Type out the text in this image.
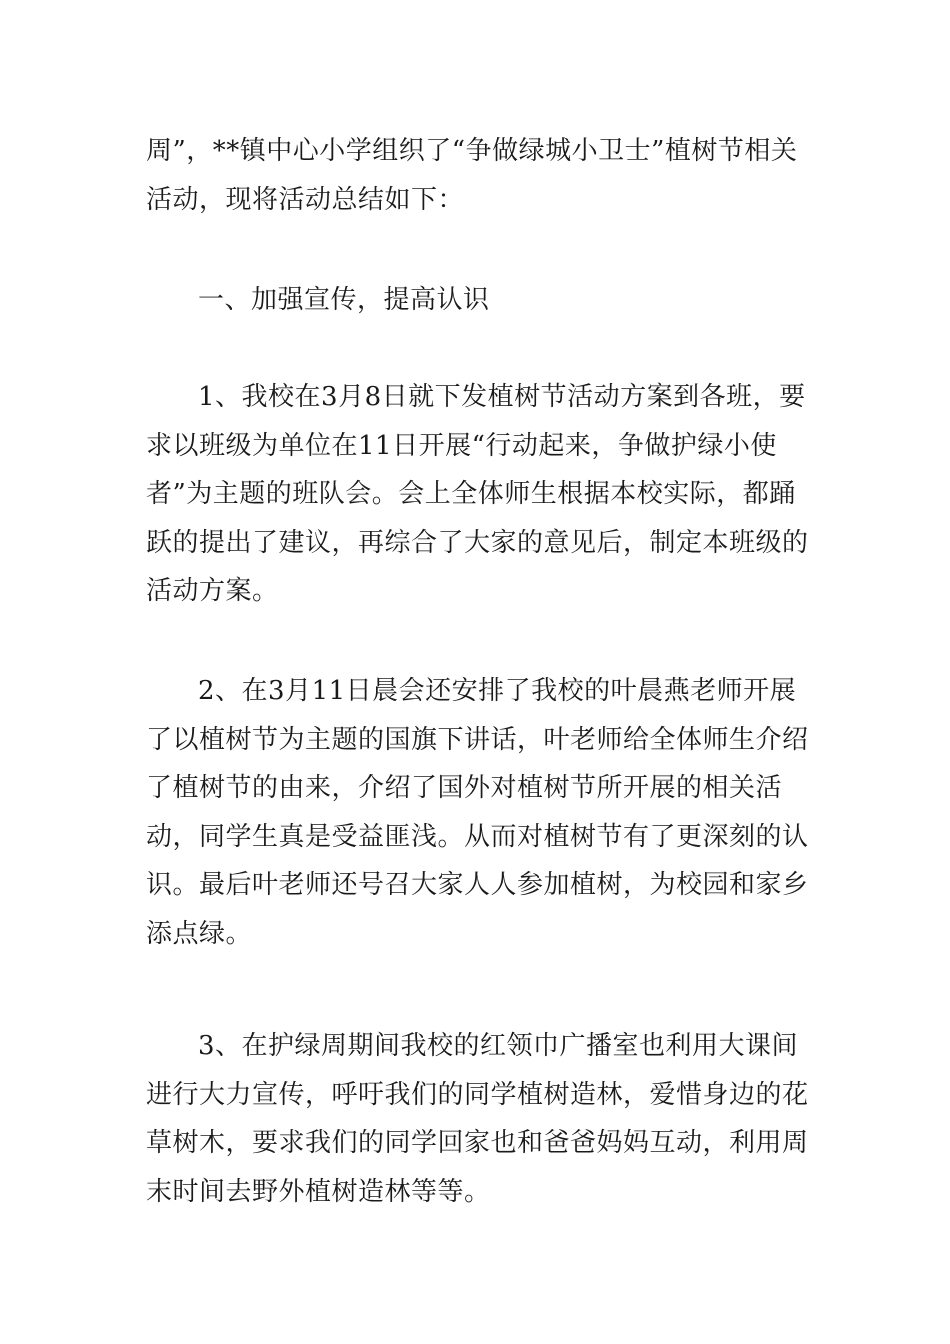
周”，**镇中心小学组织了“争做绿城小卫士”植树节相关活动，现将活动总结如下：

一、加强宣传，提高认识

1、我校在3月8日就下发植树节活动方案到各班，要求以班级为单位在11日开展“行动起来，争做护绿小使者”为主题的班队会。会上全体师生根据本校实际，都踊跃的提出了建议，再综合了大家的意见后，制定本班级的活动方案。

2、在3月11日晨会还安排了我校的叶晨燕老师开展了以植树节为主题的国旗下讲话，叶老师给全体师生介绍了植树节的由来，介绍了国外对植树节所开展的相关活动，同学生真是受益匪浅。从而对植树节有了更深刻的认识。最后叶老师还号召大家人人参加植树，为校园和家乡添点绿。

3、在护绿周期间我校的红领巾广播室也利用大课间进行大力宣传，呼吁我们的同学植树造林，爱惜身边的花草树木，要求我们的同学回家也和爸爸妈妈互动，利用周末时间去野外植树造林等等。
